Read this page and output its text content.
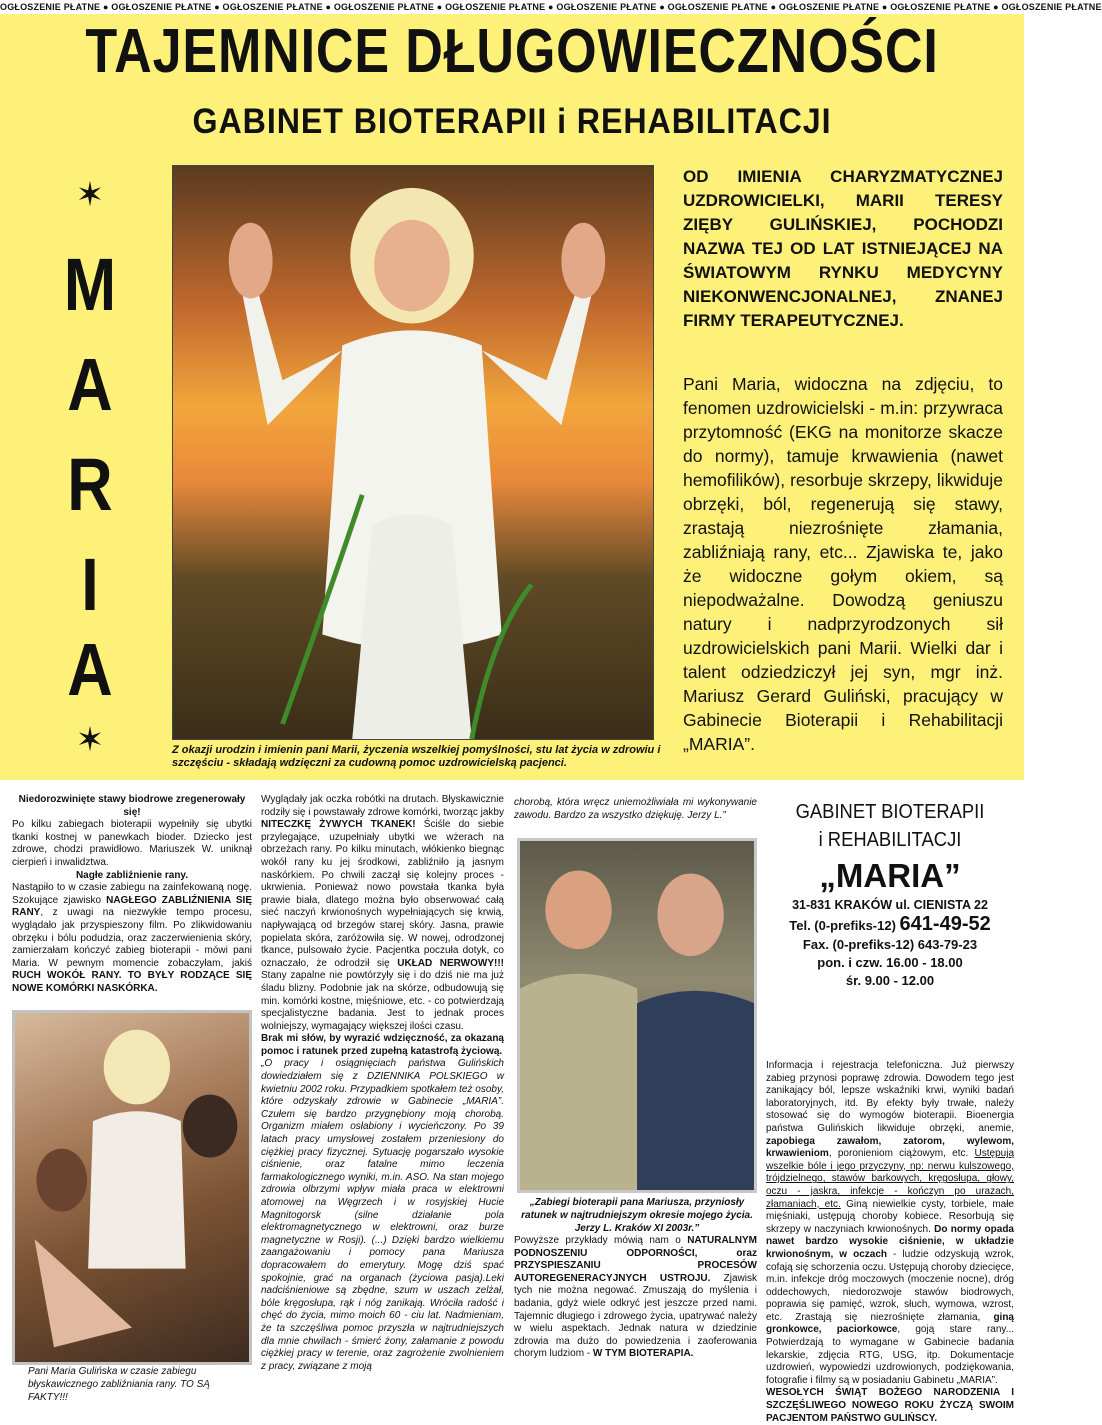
OGŁOSZENIE PŁATNE ● OGŁOSZENIE PŁATNE ● OGŁOSZENIE PŁATNE ● OGŁOSZENIE PŁATNE ● OGŁOSZENIE PŁATNE ● OGŁOSZENIE PŁATNE ● OGŁOSZENIE PŁATNE ● OGŁOSZENIE PŁATNE ● OGŁOSZENIE PŁATNE ● OGŁOSZENIE PŁATNE
TAJEMNICE DŁUGOWIECZNOŚCI
GABINET BIOTERAPII i REHABILITACJI
✶
M
A
R
I
A
✶	Z okazji urodzin i imienin pani Marii, życzenia wszelkiej pomyślności, stu lat życia w zdrowiu i szczęściu - składają wdzięczni za cudowną pomoc uzdrowicielską pacjenci.

OD IMIENIA CHARYZMATYCZNEJ UZDROWICIELKI, MARII TERESY ZIĘBY GULIŃSKIEJ, POCHODZI NAZWA TEJ OD LAT ISTNIEJĄCEJ NA ŚWIATOWYM RYNKU MEDYCYNY NIEKONWENCJONALNEJ, ZNANEJ FIRMY TERAPEUTYCZNEJ.

Pani Maria, widoczna na zdjęciu, to fenomen uzdrowicielski - m.in: przywraca przytomność (EKG na monitorze skacze do normy), tamuje krwawienia (nawet hemofilików), resorbuje skrzepy, likwiduje obrzęki, ból, regenerują się stawy, zrastają niezrośnięte złamania, zabliźniają rany, etc... Zjawiska te, jako że widoczne gołym okiem, są niepodważalne. Dowodzą geniuszu natury i nadprzyrodzonych sił uzdrowicielskich pani Marii. Wielki dar i talent odziedziczył jej syn, mgr inż. Mariusz Gerard Guliński, pracujący w Gabinecie Bioterapii i Rehabilitacji „MARIA”.

Niedorozwinięte stawy biodrowe zregenerowały się!
Po kilku zabiegach bioterapii wypełniły się ubytki tkanki kostnej w panewkach bioder. Dziecko jest zdrowe, chodzi prawidłowo. Mariuszek W. uniknął cierpień i inwalidztwa.
Nagłe zabliźnienie rany.
Nastąpiło to w czasie zabiegu na zainfekowaną nogę. Szokujące zjawisko NAGŁEGO ZABLIŹNIENIA SIĘ RANY, z uwagi na niezwykłe tempo procesu, wyglądało jak przyspieszony film. Po zlikwidowaniu obrzęku i bólu podudzia, oraz zaczerwienienia skóry, zamierzałam kończyć zabieg bioterapii - mówi pani Maria. W pewnym momencie zobaczyłam, jakiś RUCH WOKÓŁ RANY. TO BYŁY RODZĄCE SIĘ NOWE KOMÓRKI NASKÓRKA.
Pani Maria Gulińska w czasie zabiegu błyskawicznego zabliźniania rany. TO SĄ FAKTY!!!
Wyglądały jak oczka robótki na drutach. Błyskawicznie rodziły się i powstawały zdrowe komórki, tworząc jakby NITECZKĘ ŻYWYCH TKANEK! Ściśle do siebie przylegające, uzupełniały ubytki we wżerach na obrzeżach rany. Po kilku minutach, włókienko biegnąc wokół rany ku jej środkowi, zabliźniło ją jasnym naskórkiem. Po chwili zaczął się kolejny proces - ukrwienia. Ponieważ nowo powstała tkanka była prawie biała, dlatego można było obserwować całą sieć naczyń krwionośnych wypełniających się krwią, napływającą od brzegów starej skóry. Jasna, prawie popielata skóra, zaróżowiła się. W nowej, odrodzonej tkance, pulsowało życie. Pacjentka poczuła dotyk, co oznaczało, że odrodził się UKŁAD NERWOWY!!! Stany zapalne nie powtórzyły się i do dziś nie ma już śladu blizny. Podobnie jak na skórze, odbudowują się min. komórki kostne, mięśniowe, etc. - co potwierdzają specjalistyczne badania. Jest to jednak proces wolniejszy, wymagający większej ilości czasu.
Brak mi słów, by wyrazić wdzięczność, za okazaną pomoc i ratunek przed zupełną katastrofą życiową.
„O pracy i osiągnięciach państwa Gulińskich dowiedziałem się z DZIENNIKA POLSKIEGO w kwietniu 2002 roku. Przypadkiem spotkałem też osoby, które odzyskały zdrowie w Gabinecie „MARIA”. Czułem się bardzo przygnębiony moją chorobą. Organizm miałem osłabiony i wycieńczony. Po 39 latach pracy umysłowej zostałem przeniesiony do ciężkiej pracy fizycznej. Sytuację pogarszało wysokie ciśnienie, oraz fatalne mimo leczenia farmakologicznego wyniki, m.in. ASO. Na stan mojego zdrowia olbrzymi wpływ miała praca w elektrowni atomowej na Węgrzech i w rosyjskiej Hucie Magnitogorsk (silne działanie pola elektromagnetycznego w elektrowni, oraz burze magnetyczne w Rosji). (...) Dzięki bardzo wielkiemu zaangażowaniu i pomocy pana Mariusza dopracowałem do emerytury. Mogę dziś spać spokojnie, grać na organach (życiowa pasja).Leki nadciśnieniowe są zbędne, szum w uszach zelżał, bóle kręgosłupa, rąk i nóg zanikają. Wróciła radość i chęć do życia, mimo moich 60 - ciu lat. Nadmieniam, że ta szczęśliwa pomoc przyszła w najtrudniejszych dla mnie chwilach - śmierć żony, załamanie z powodu ciężkiej pracy w terenie, oraz zagrożenie zwolnieniem z pracy, związane z moją
chorobą, która wręcz uniemożliwiała mi wykonywanie zawodu. Bardzo za wszystko dziękuję. Jerzy L.”
„Zabiegi bioterapii pana Mariusza, przyniosły ratunek w najtrudniejszym okresie mojego życia. Jerzy L. Kraków XI 2003r.”
Powyższe przykłady mówią nam o NATURALNYM PODNOSZENIU ODPORNOŚCI, oraz PRZYSPIESZANIU PROCESÓW AUTOREGENERACYJNYCH USTROJU. Zjawisk tych nie można negować. Zmuszają do myślenia i badania, gdyż wiele odkryć jest jeszcze przed nami. Tajemnic długiego i zdrowego życia, upatrywać należy w wielu aspektach. Jednak natura w dziedzinie zdrowia ma dużo do powiedzenia i zaoferowania chorym ludziom - W TYM BIOTERAPIA.
GABINET BIOTERAPII
i REHABILITACJI
„MARIA”
31-831 KRAKÓW ul. CIENISTA 22
Tel. (0-prefiks-12) 641-49-52
Fax. (0-prefiks-12) 643-79-23
pon. i czw. 16.00 - 18.00
śr. 9.00 - 12.00
Informacja i rejestracja telefoniczna. Już pierwszy zabieg przynosi poprawę zdrowia. Dowodem tego jest zanikający ból, lepsze wskaźniki krwi, wyniki badań laboratoryjnych, itd. By efekty były trwałe, należy stosować się do wymogów bioterapii. Bioenergia państwa Gulińskich likwiduje obrzęki, anemie, zapobiega zawałom, zatorom, wylewom, krwawieniom, poronieniom ciążowym, etc. Ustępują wszelkie bóle i jego przyczyny, np: nerwu kulszowego, trójdzielnego, stawów barkowych, kręgosłupa, głowy, oczu - jaskra, infekcje - kończyn po urazach, złamaniach, etc. Giną niewielkie cysty, torbiele, małe mięśniaki, ustępują choroby kobiece. Resorbują się skrzepy w naczyniach krwionośnych. Do normy opada nawet bardzo wysokie ciśnienie, w układzie krwionośnym, w oczach - ludzie odzyskują wzrok, cofają się schorzenia oczu. Ustępują choroby dziecięce, m.in. infekcje dróg moczowych (moczenie nocne), dróg oddechowych, niedorozwoje stawów biodrowych, poprawia się pamięć, wzrok, słuch, wymowa, wzrost, etc. Zrastają się niezrośnięte złamania, giną gronkowce, paciorkowce, goją stare rany... Potwierdzają to wymagane w Gabinecie badania lekarskie, zdjęcia RTG, USG, itp. Dokumentacje uzdrowień, wypowiedzi uzdrowionych, podziękowania, fotografie i filmy są w posiadaniu Gabinetu „MARIA”.
WESOŁYCH ŚWIĄT BOŻEGO NARODZENIA I SZCZĘŚLIWEGO NOWEGO ROKU ŻYCZĄ SWOIM PACJENTOM PAŃSTWO GULIŃSCY.
